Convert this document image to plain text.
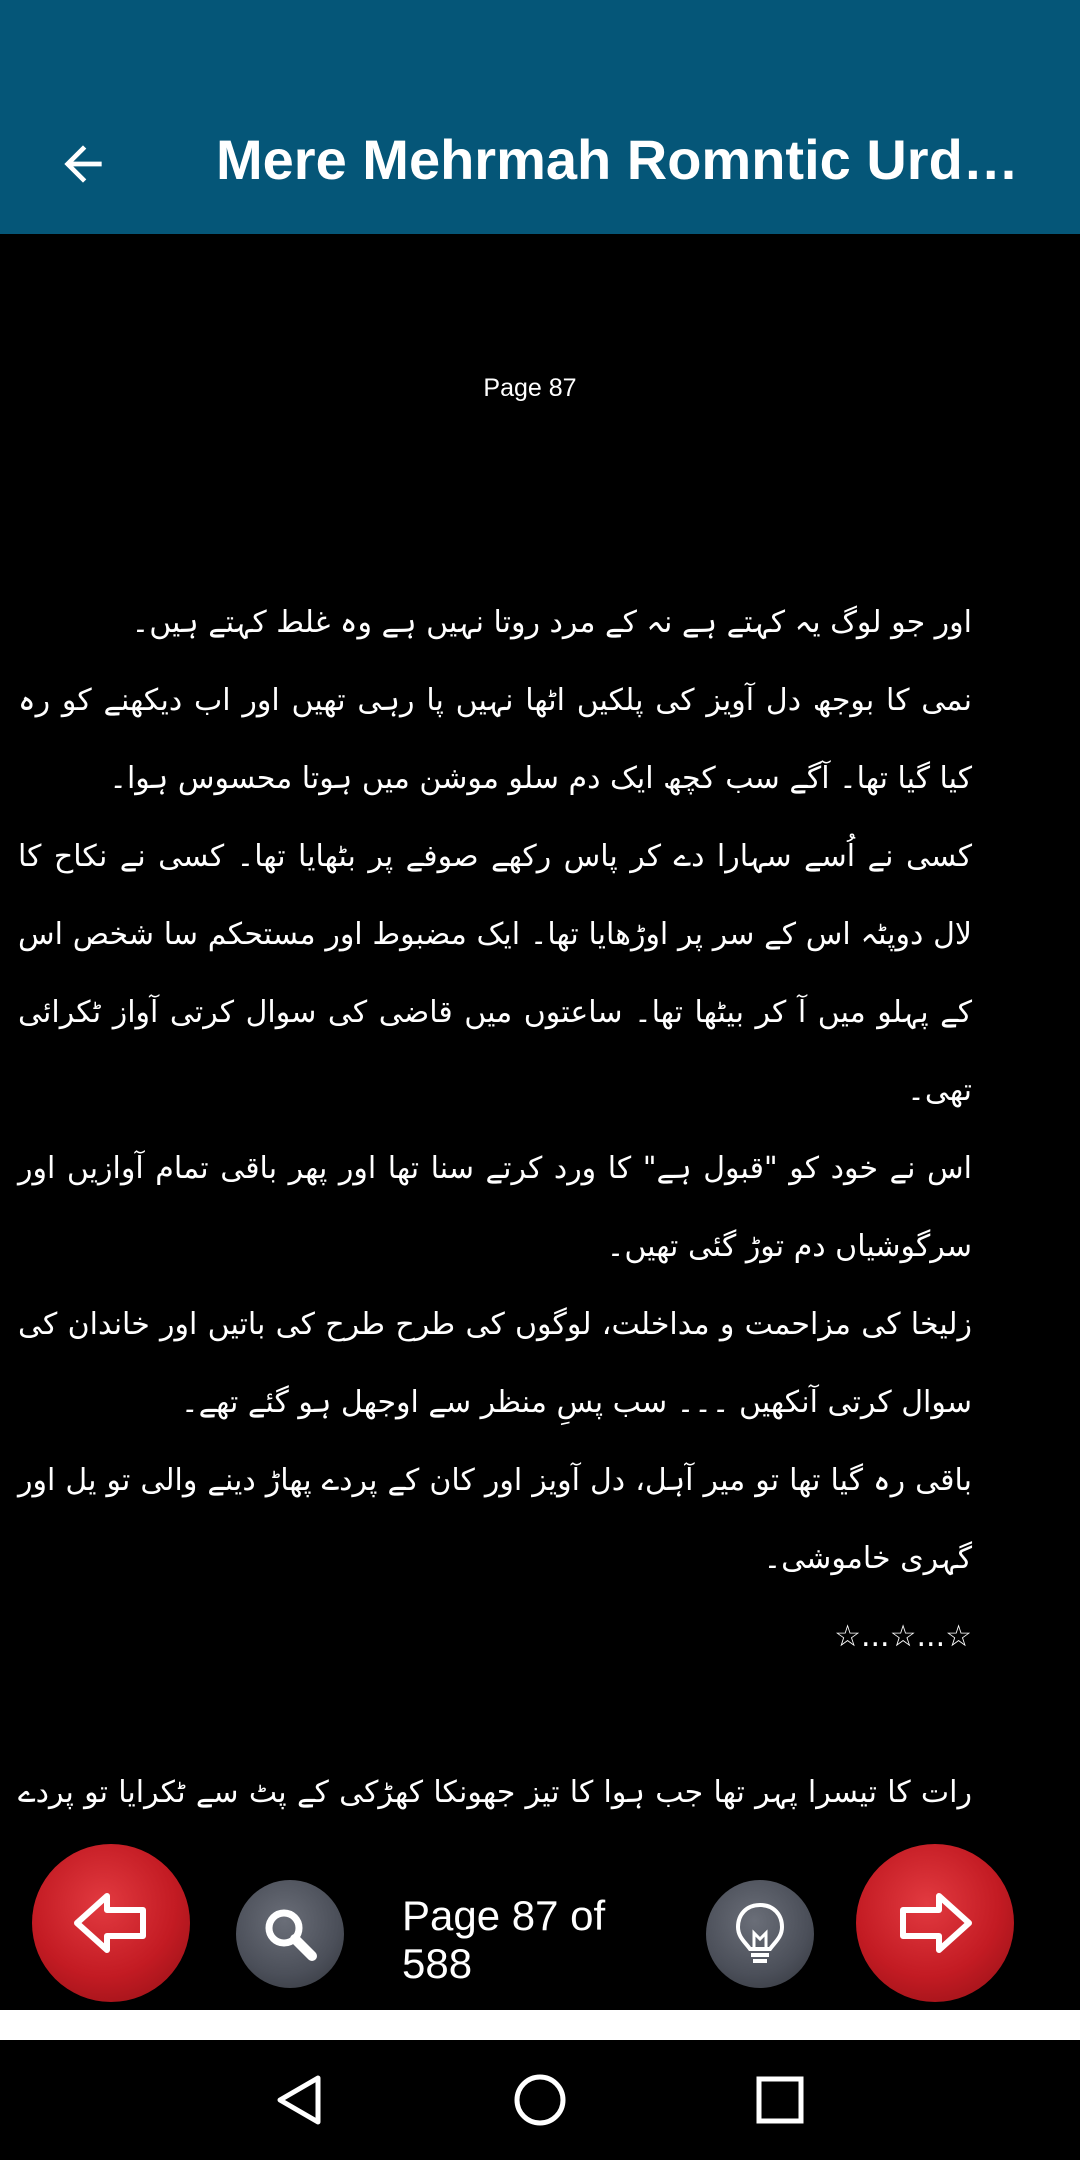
Mere Mehrmah Romntic Urd…
Page 87

اور جو لوگ یہ کہتے ہے نہ کے مرد روتا نہیں ہے وہ غلط کہتے ہیں۔

نمی کا بوجھ دل آویز کی پلکیں اٹھا نہیں پا رہی تھیں اور اب دیکھنے کو رہ کیا گیا تھا۔ آگے سب کچھ ایک دم سلو موشن میں ہوتا محسوس ہوا۔

کسی نے اُسے سہارا دے کر پاس رکھے صوفے پر بٹھایا تھا۔ کسی نے نکاح کا لال دوپٹہ اس کے سر پر اوڑھایا تھا۔ ایک مضبوط اور مستحکم سا شخص اس کے پہلو میں آ کر بیٹھا تھا۔ ساعتوں میں قاضی کی سوال کرتی آواز ٹکرائی تھی۔

اس نے خود کو "قبول ہے" کا ورد کرتے سنا تھا اور پھر باقی تمام آوازیں اور سرگوشیاں دم توڑ گئی تھیں۔

زلیخا کی مزاحمت و مداخلت، لوگوں کی طرح طرح کی باتیں اور خاندان کی سوال کرتی آنکھیں ۔۔۔ سب پسِ منظر سے اوجھل ہو گئے تھے۔

باقی رہ گیا تھا تو میر آہل، دل آویز اور کان کے پردے پھاڑ دینے والی تو یل اور گہری خاموشی۔

☆...☆...☆

رات کا تیسرا پہر تھا جب ہوا کا تیز جھونکا کھڑکی کے پٹ سے ٹکرایا تو پردے

Page 87 of 588
